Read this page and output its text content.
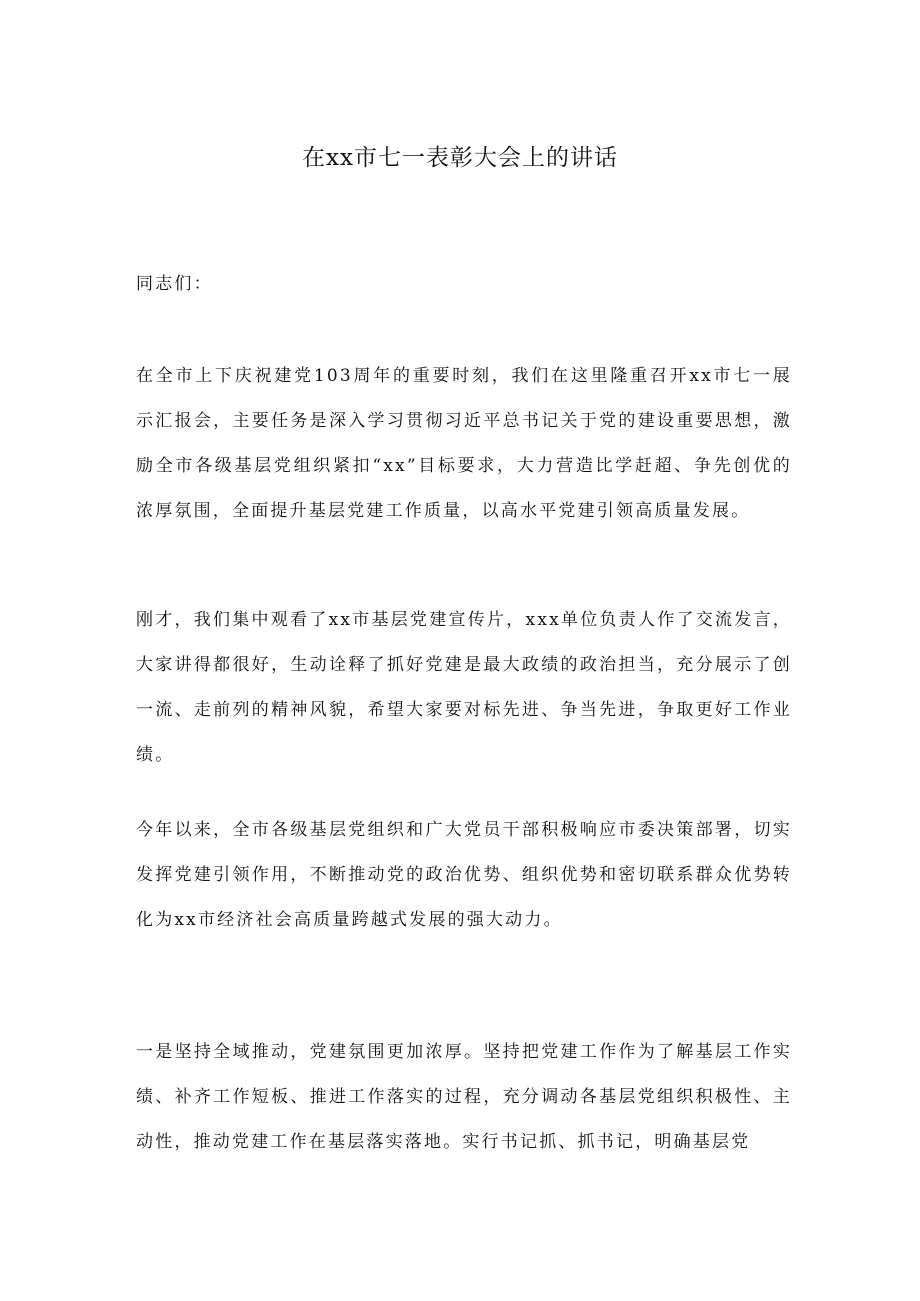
在xx市七一表彰大会上的讲话

同志们：

在全市上下庆祝建党103周年的重要时刻，我们在这里隆重召开xx市七一展示汇报会，主要任务是深入学习贯彻习近平总书记关于党的建设重要思想，激励全市各级基层党组织紧扣“xx”目标要求，大力营造比学赶超、争先创优的浓厚氛围，全面提升基层党建工作质量，以高水平党建引领高质量发展。

刚才，我们集中观看了xx市基层党建宣传片，xxx单位负责人作了交流发言，大家讲得都很好，生动诠释了抓好党建是最大政绩的政治担当，充分展示了创一流、走前列的精神风貌，希望大家要对标先进、争当先进，争取更好工作业绩。

今年以来，全市各级基层党组织和广大党员干部积极响应市委决策部署，切实发挥党建引领作用，不断推动党的政治优势、组织优势和密切联系群众优势转化为xx市经济社会高质量跨越式发展的强大动力。

一是坚持全域推动，党建氛围更加浓厚。坚持把党建工作作为了解基层工作实绩、补齐工作短板、推进工作落实的过程，充分调动各基层党组织积极性、主动性，推动党建工作在基层落实落地。实行书记抓、抓书记，明确基层党
